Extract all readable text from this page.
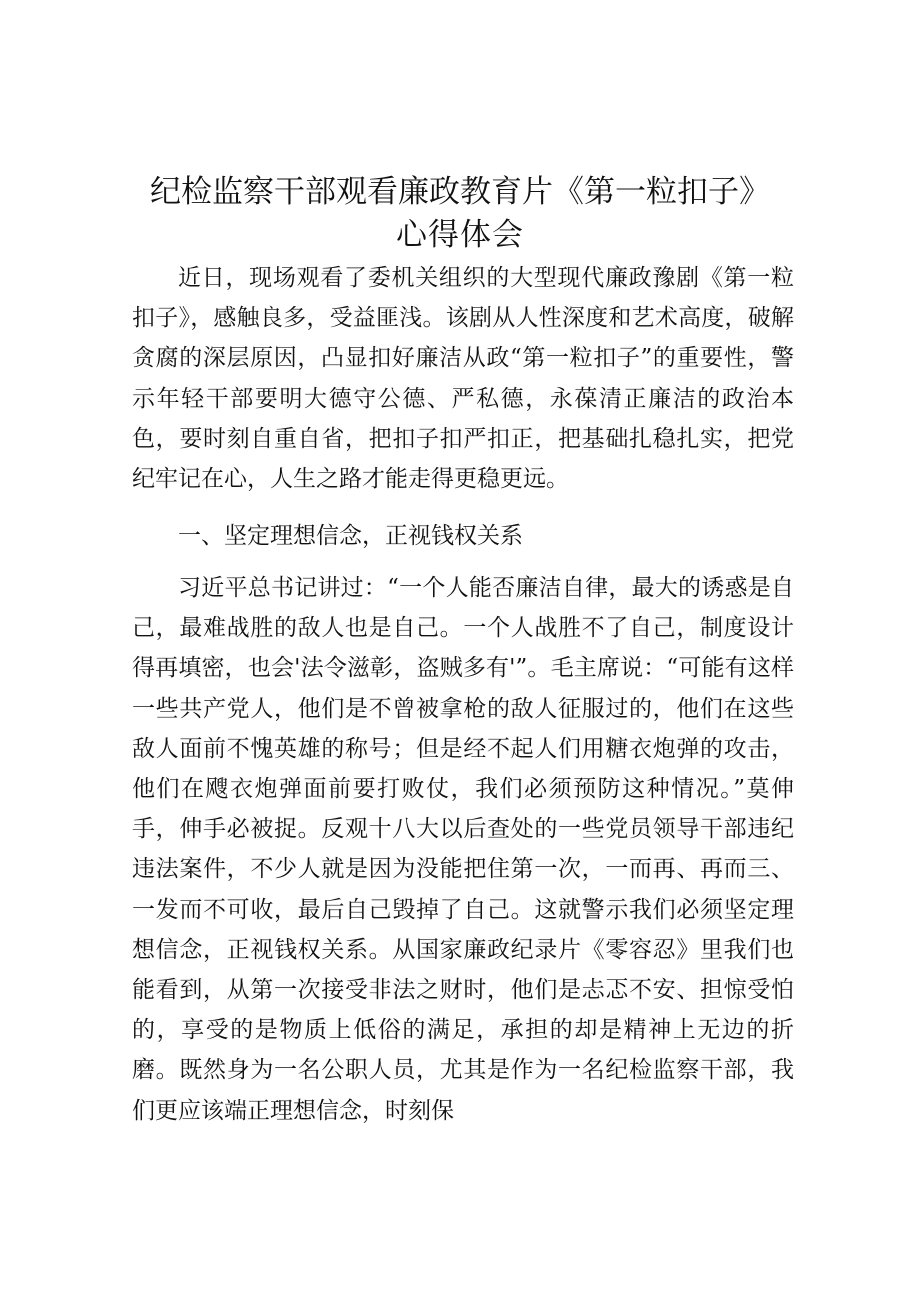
纪检监察干部观看廉政教育片《第一粒扣子》
心得体会

近日，现场观看了委机关组织的大型现代廉政豫剧《第一粒扣子》，感触良多，受益匪浅。该剧从人性深度和艺术高度，破解贪腐的深层原因，凸显扣好廉洁从政“第一粒扣子”的重要性，警示年轻干部要明大德守公德、严私德，永葆清正廉洁的政治本色，要时刻自重自省，把扣子扣严扣正，把基础扎稳扎实，把党纪牢记在心，人生之路才能走得更稳更远。

一、坚定理想信念，正视钱权关系

习近平总书记讲过：“一个人能否廉洁自律，最大的诱惑是自己，最难战胜的敌人也是自己。一个人战胜不了自己，制度设计得再填密，也会'法令滋彰，盗贼多有'”。毛主席说：“可能有这样一些共产党人，他们是不曾被拿枪的敌人征服过的，他们在这些敌人面前不愧英雄的称号；但是经不起人们用糖衣炮弹的攻击，他们在飕衣炮弹面前要打败仗，我们必须预防这种情况。”莫伸手，伸手必被捉。反观十八大以后查处的一些党员领导干部违纪违法案件，不少人就是因为没能把住第一次，一而再、再而三、一发而不可收，最后自己毁掉了自己。这就警示我们必须坚定理想信念，正视钱权关系。从国家廉政纪录片《零容忍》里我们也能看到，从第一次接受非法之财时，他们是忐忑不安、担惊受怕的，享受的是物质上低俗的满足，承担的却是精神上无边的折磨。既然身为一名公职人员，尤其是作为一名纪检监察干部，我们更应该端正理想信念，时刻保
